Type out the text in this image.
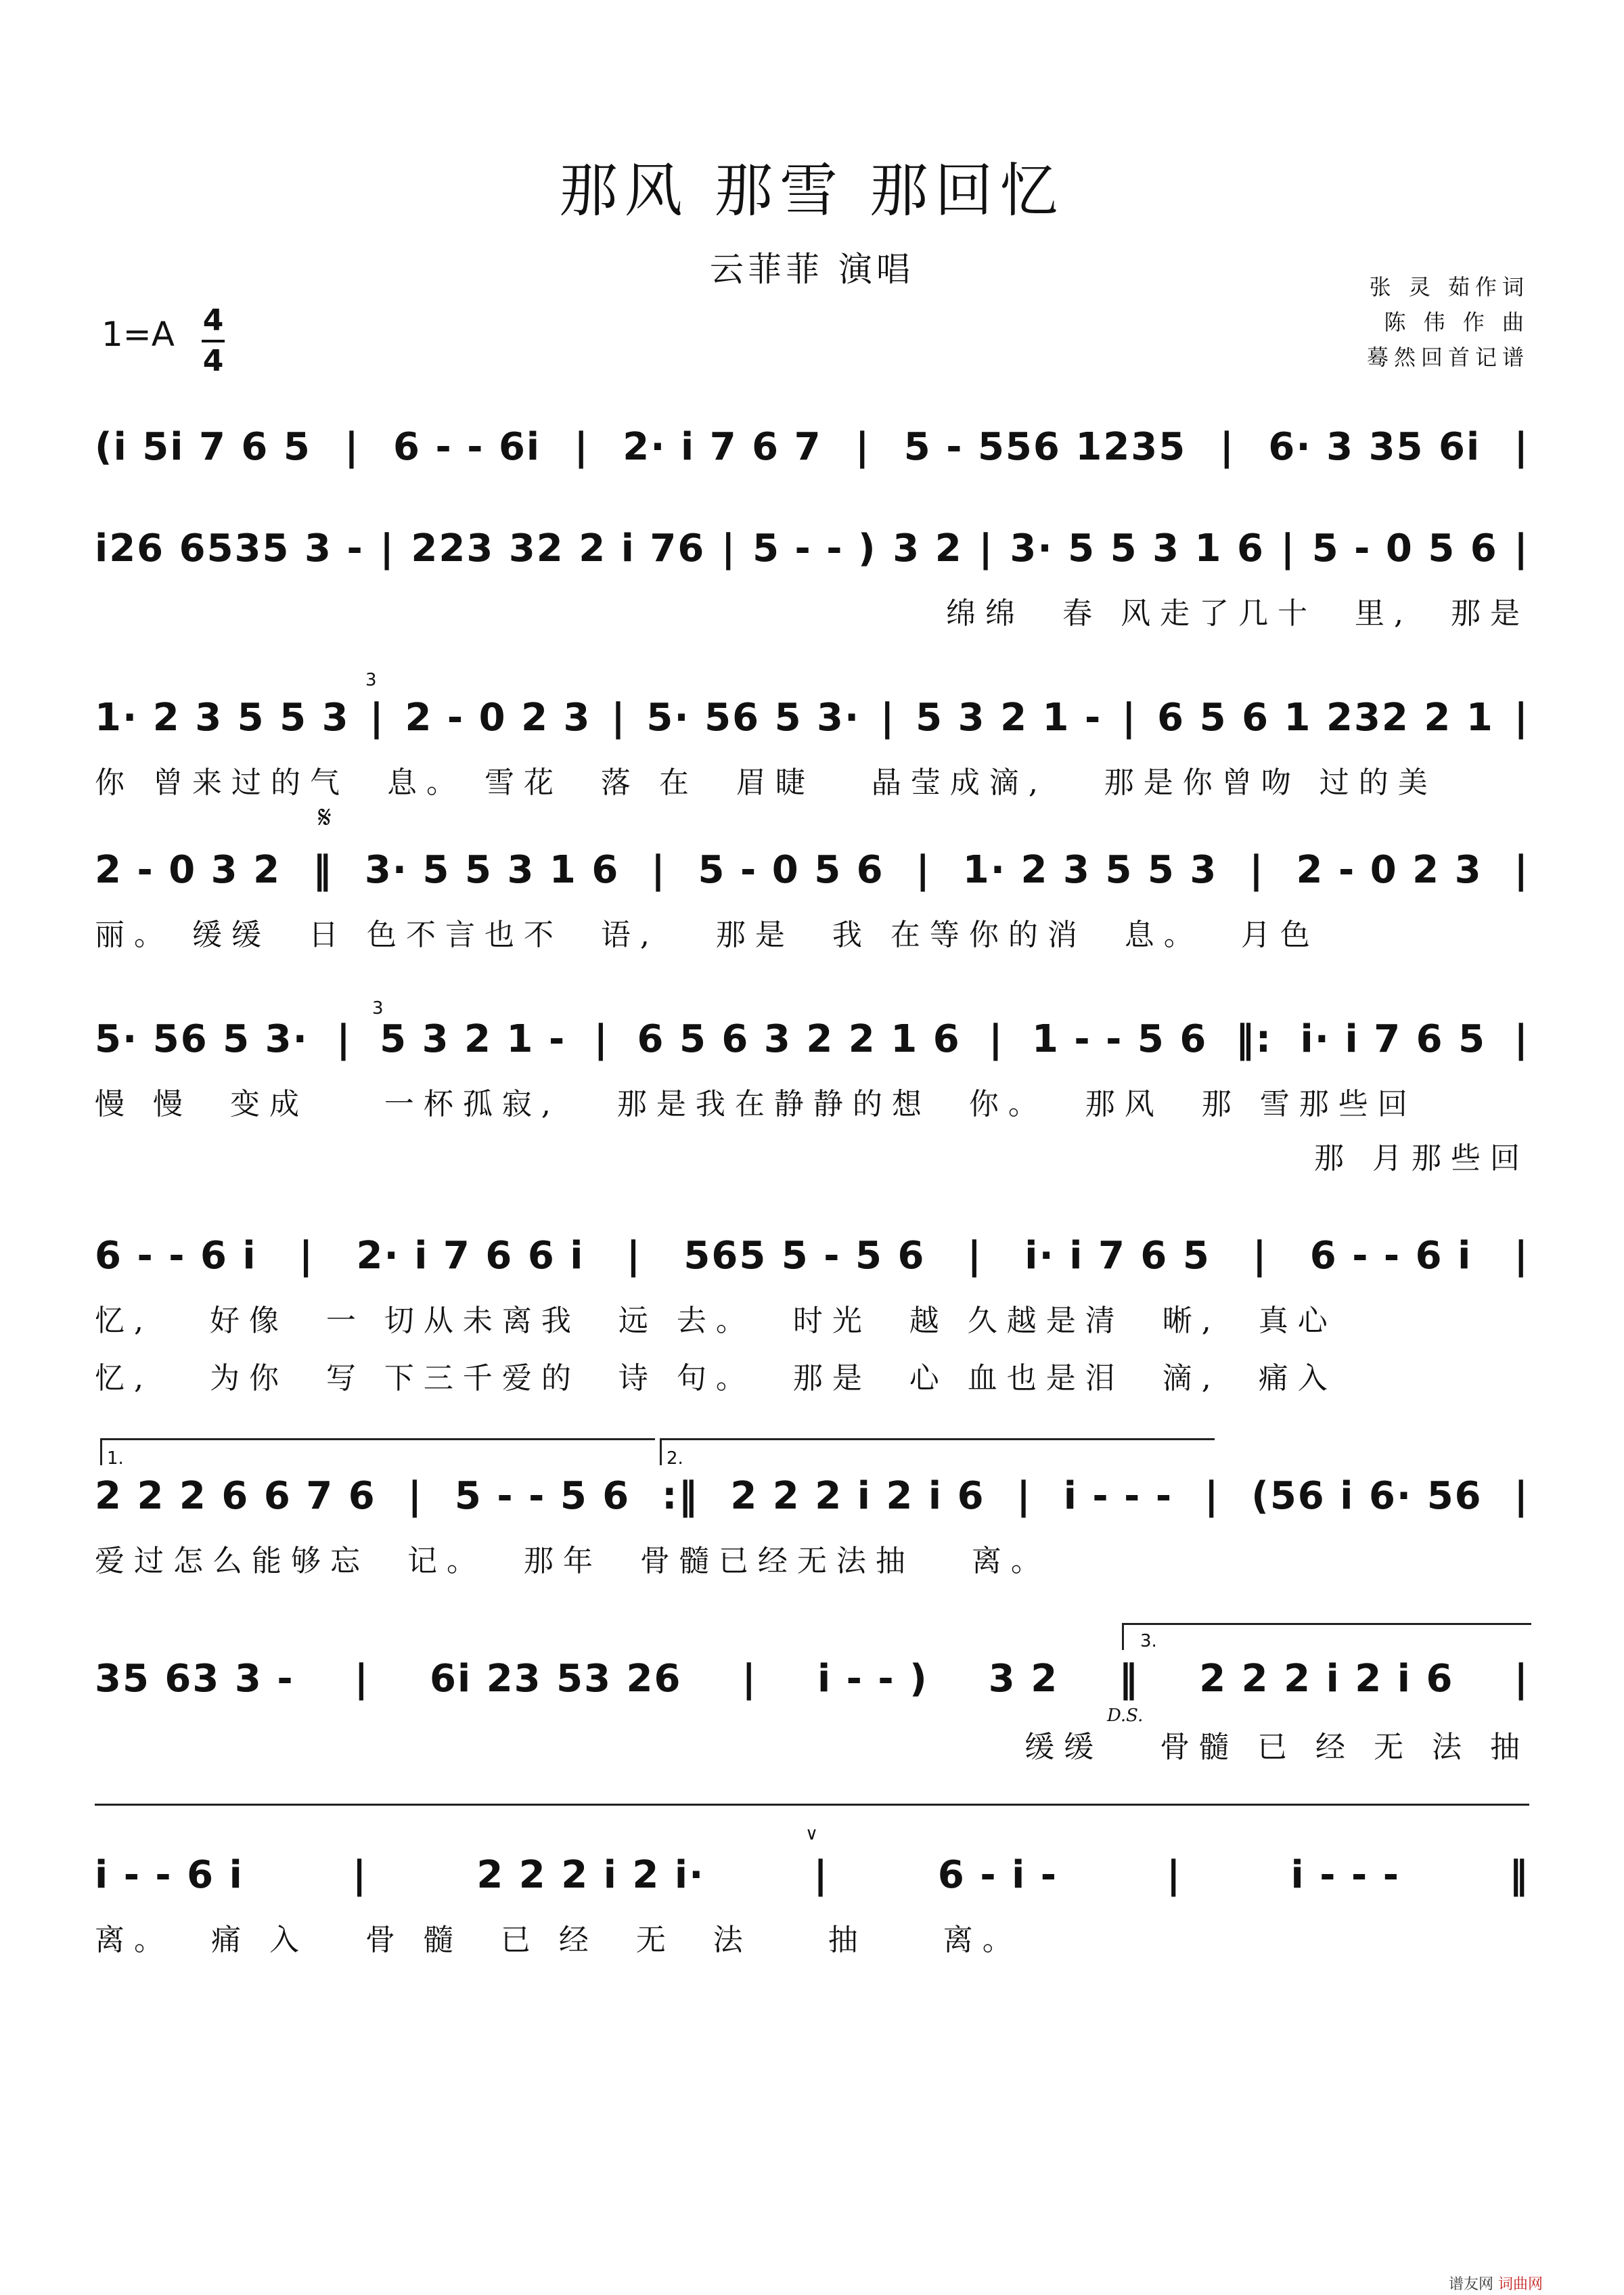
那风 那雪 那回忆
云菲菲 演唱	张 灵 茹作词
陈 伟 作 曲
蓦然回首记谱
1=A 4
4
𝄋
3
3
1.	2.
3.
D.S.
∨
(i 5i 7 6 5 | 6 - - 6i | 2· i 7 6 7 | 5 - 556 1235 | 6· 3 35 6i |
i26 6535 3 - | 223 32 2 i 76 | 5 - - ) 3 2 | 3· 5 5 3 1 6 | 5 - 0 5 6 |
绵绵  春 风走了几十  里,  那是
1· 2 3 5 5 3 | 2 - 0 2 3 | 5· 56 5 3· | 5 3 2 1 - | 6 5 6 1 232 2 1 |
你 曾来过的气  息。 雪花  落 在  眉睫   晶莹成滴,   那是你曾吻 过的美
2 - 0 3 2 ‖ 3· 5 5 3 1 6 | 5 - 0 5 6 | 1· 2 3 5 5 3 | 2 - 0 2 3 |
丽。 缓缓  日 色不言也不  语,   那是  我 在等你的消  息。  月色
5· 56 5 3· | 5 3 2 1 - | 6 5 6 3 2 2 1 6 | 1 - - 5 6 ‖: i· i 7 6 5 |
慢 慢  变成    一杯孤寂,   那是我在静静的想  你。  那风  那 雪那些回
那 月那些回
6 - - 6 i | 2· i 7 6 6 i | 565 5 - 5 6 | i· i 7 6 5 | 6 - - 6 i |
忆,   好像  一 切从未离我  远 去。  时光  越 久越是清  晰,  真心
忆,   为你  写 下三千爱的  诗 句。  那是  心 血也是泪  滴,  痛入
2 2 2 6 6 7 6 | 5 - - 5 6 :‖ 2 2 2 i 2 i 6 | i - - - | (56 i 6· 56 |
爱过怎么能够忘  记。  那年  骨髓已经无法抽   离。
35 63 3 - | 6i 23 53 26 | i - - ) 3 2 ‖ 2 2 2 i 2 i 6 |
缓缓   骨髓 已 经 无 法 抽
i - - 6 i	|	2 2 2 i 2 i·	|	6 - i -	|	i - - -	‖
离。  痛 入   骨 髓  已 经  无  法    抽    离。
谱友网 词曲网
